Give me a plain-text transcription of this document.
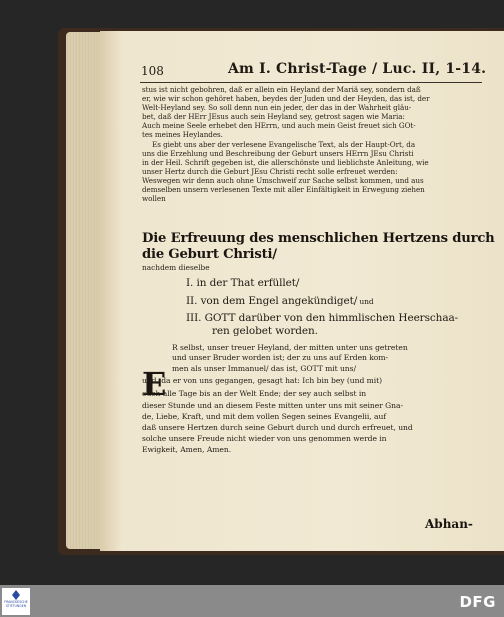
108	Am I. Christ-Tage / Luc. II, 1-14.
stus ist nicht gebohren, daß er allein ein Heyland der Mariä sey, sondern daß
er, wie wir schon gehöret haben, beydes der Juden und der Heyden, das ist, der
Welt-Heyland sey. So soll denn nun ein jeder, der das in der Wahrheit gläu-
bet, daß der HErr JEsus auch sein Heyland sey, getrost sagen wie Maria:
Auch meine Seele erhebet den HErrn, und auch mein Geist freuet sich GOt-
tes meines Heylandes.
Es giebt uns aber der verlesene Evangelische Text, als der Haupt-Ort, da
uns die Erzehlung und Beschreibung der Geburt unsers HErrn JEsu Christi
in der Heil. Schrift gegeben ist, die allerschönste und lieblichste Anleitung, wie
unser Hertz durch die Geburt JEsu Christi recht solle erfreuet werden:
Weswegen wir denn auch ohne Umschweif zur Sache selbst kommen, und aus
demselben unsern verlesenen Texte mit aller Einfältigkeit in Erwegung ziehen
wollen
Die Erfreuung des menschlichen Hertzens durch
die Geburt Christi/
nachdem dieselbe
I. in der That erfüllet/
II. von dem Engel angekündiget/ und
III. GOTT darüber von den himmlischen Heerschaa-
ren gelobet worden.
E
R selbst, unser treuer Heyland, der mitten unter uns getreten
und unser Bruder worden ist; der zu uns auf Erden kom-
men als unser Immanuel/ das ist, GOTT mit uns/
und, da er von uns gegangen, gesagt hat: Ich bin bey (und mit)
euch alle Tage bis an der Welt Ende; der sey auch selbst in
dieser Stunde und an diesem Feste mitten unter uns mit seiner Gna-
de, Liebe, Kraft, und mit dem vollen Segen seines Evangelii, auf
daß unsere Hertzen durch seine Geburt durch und durch erfreuet, und
solche unsere Freude nicht wieder von uns genommen werde in
Ewigkeit, Amen, Amen.
Abhan-
FRANCKESCHE STIFTUNGEN	DFG
